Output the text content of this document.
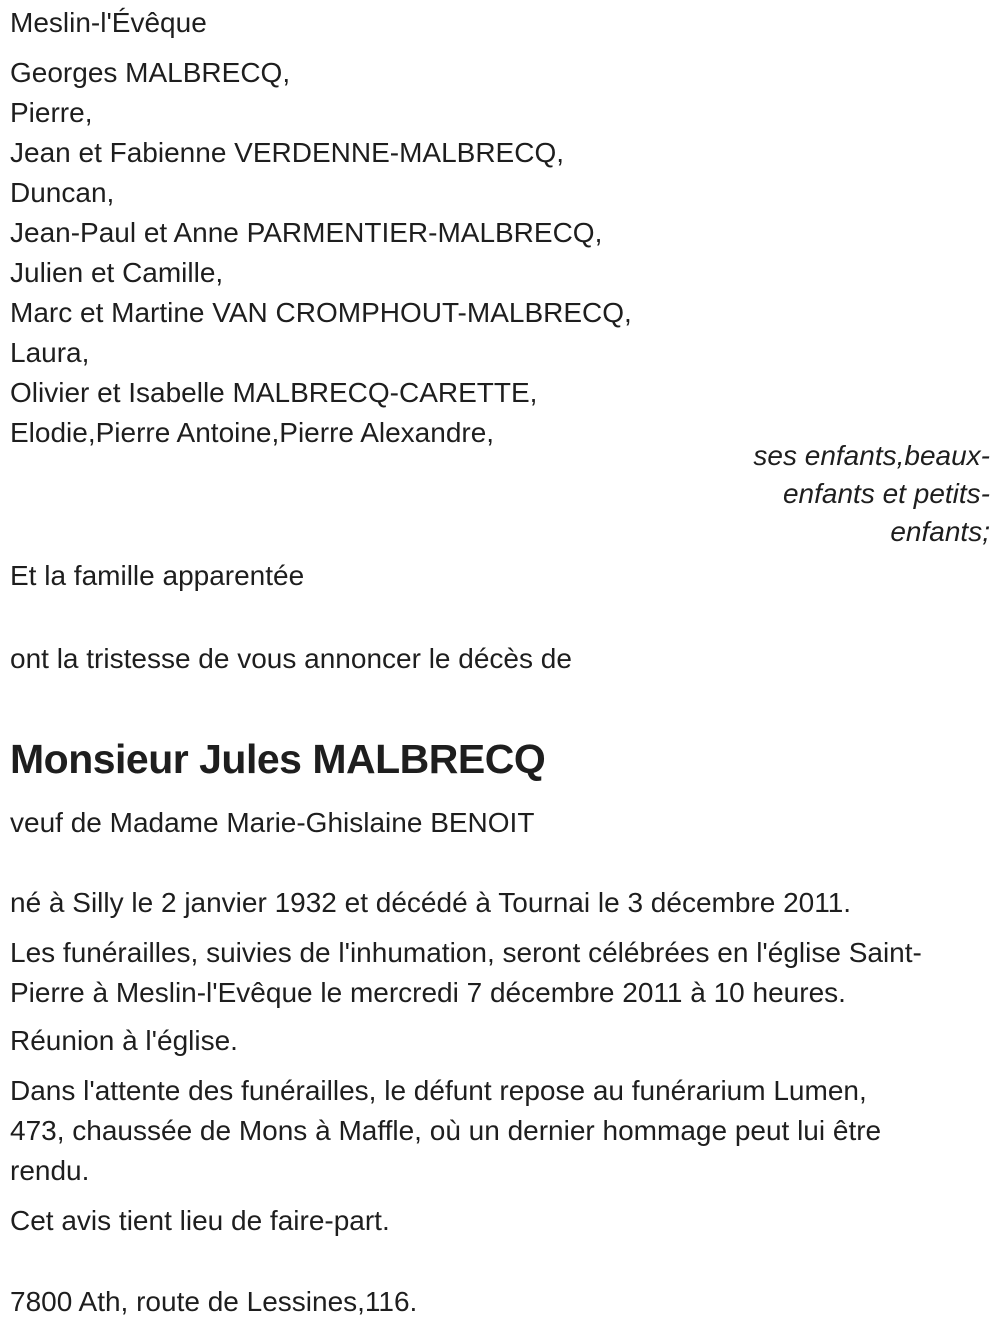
Meslin-l'Évêque
Georges MALBRECQ,
Pierre,
Jean et Fabienne VERDENNE-MALBRECQ,
Duncan,
Jean-Paul et Anne PARMENTIER-MALBRECQ,
Julien et Camille,
Marc et Martine VAN CROMPHOUT-MALBRECQ,
Laura,
Olivier et Isabelle MALBRECQ-CARETTE,
Elodie,Pierre Antoine,Pierre Alexandre,
ses enfants,beaux-
enfants et petits-
enfants;
Et la famille apparentée
ont la tristesse de vous annoncer le décès de
Monsieur Jules MALBRECQ
veuf de Madame Marie-Ghislaine BENOIT
né à Silly le 2 janvier 1932 et décédé à Tournai le 3 décembre 2011.
Les funérailles, suivies de l'inhumation, seront célébrées en l'église Saint-
Pierre à Meslin-l'Evêque le mercredi 7 décembre 2011 à 10 heures.
Réunion à l'église.
Dans l'attente des funérailles, le défunt repose au funérarium Lumen,
473, chaussée de Mons à Maffle, où un dernier hommage peut lui être
rendu.
Cet avis tient lieu de faire-part.
7800 Ath, route de Lessines,116.
